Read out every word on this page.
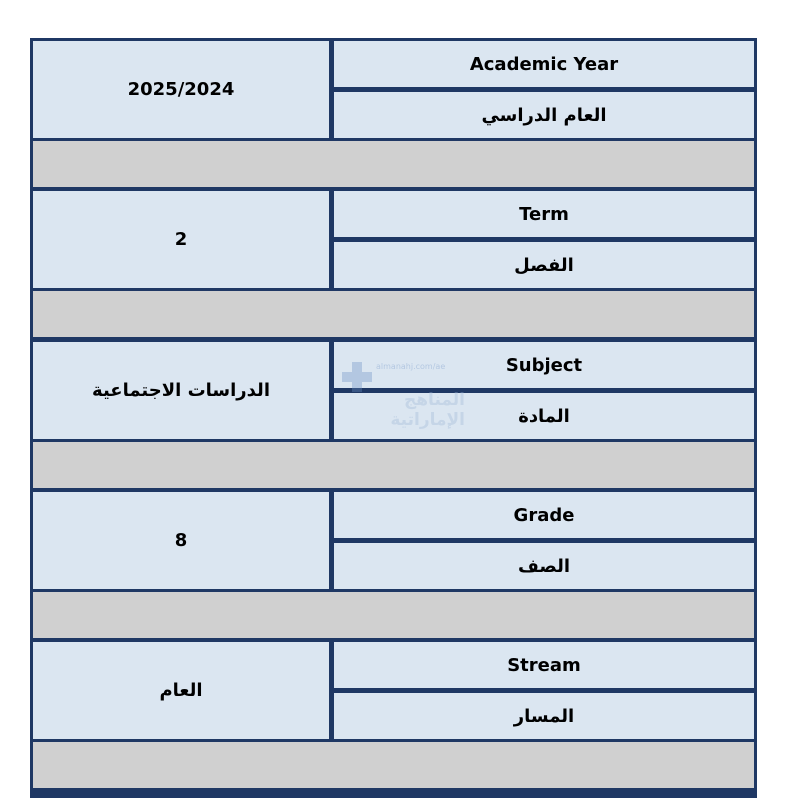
2025/2024
Academic Year
العام الدراسي
2
Term
الفصل
الدراسات الاجتماعية
Subject
المادة
8
Grade
الصف
العام
Stream
المسار
almanahj.com/ae
المناهج الإماراتية
